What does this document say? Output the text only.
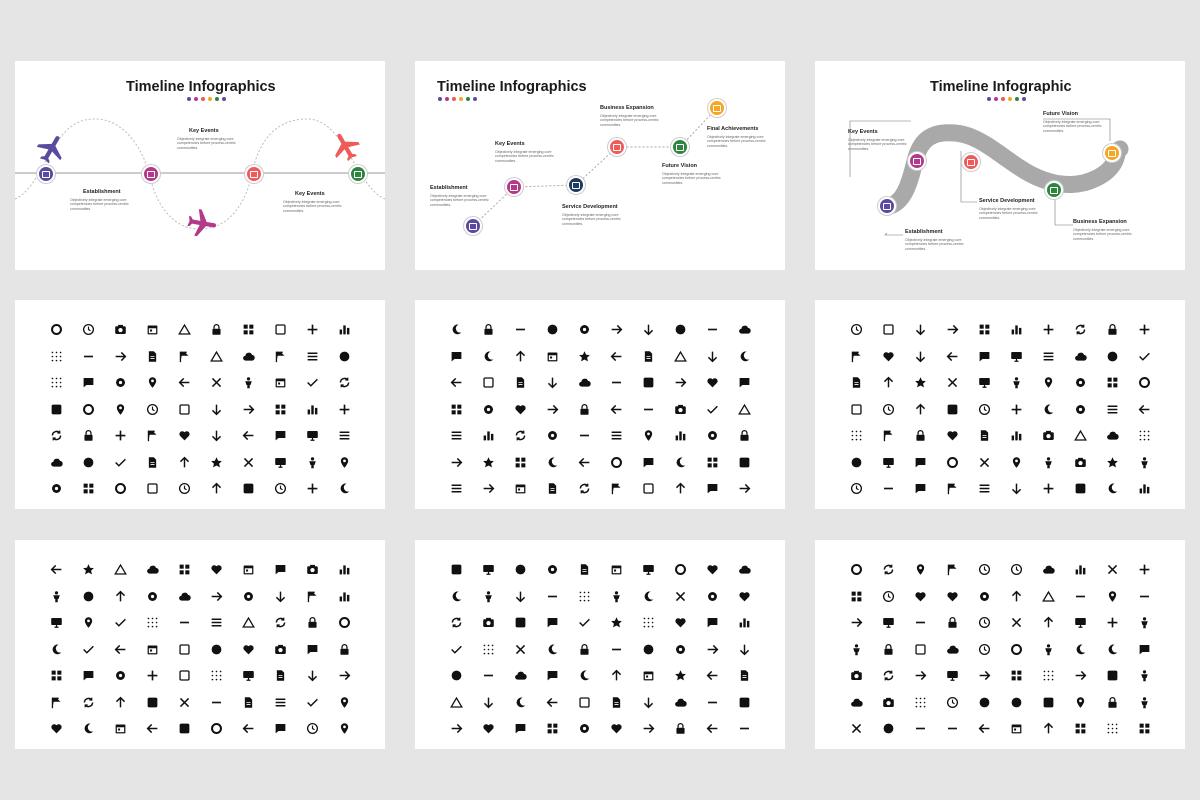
Timeline Infographics
Establishment
Objectively integrate emerging core competencies before process-centric communities.
Key Events
Objectively integrate emerging core competencies before process-centric communities.
Key Events
Objectively integrate emerging core competencies before process-centric communities.
Timeline Infographics
Establishment
Objectively integrate emerging core competencies before process-centric communities.
Key Events
Objectively integrate emerging core competencies before process-centric communities.
Service Development
Objectively integrate emerging core competencies before process-centric communities.
Business Expansion
Objectively integrate emerging core competencies before process-centric communities.
Future Vision
Objectively integrate emerging core competencies before process-centric communities.
Final Achievements
Objectively integrate emerging core competencies before process-centric communities.
Timeline Infographic
Key Events
Objectively integrate emerging core competencies before process-centric communities.
Establishment
Objectively integrate emerging core competencies before process-centric communities.
Service Development
Objectively integrate emerging core competencies before process-centric communities.
Business Expansion
Objectively integrate emerging core competencies before process-centric communities.
Future Vision
Objectively integrate emerging core competencies before process-centric communities.
